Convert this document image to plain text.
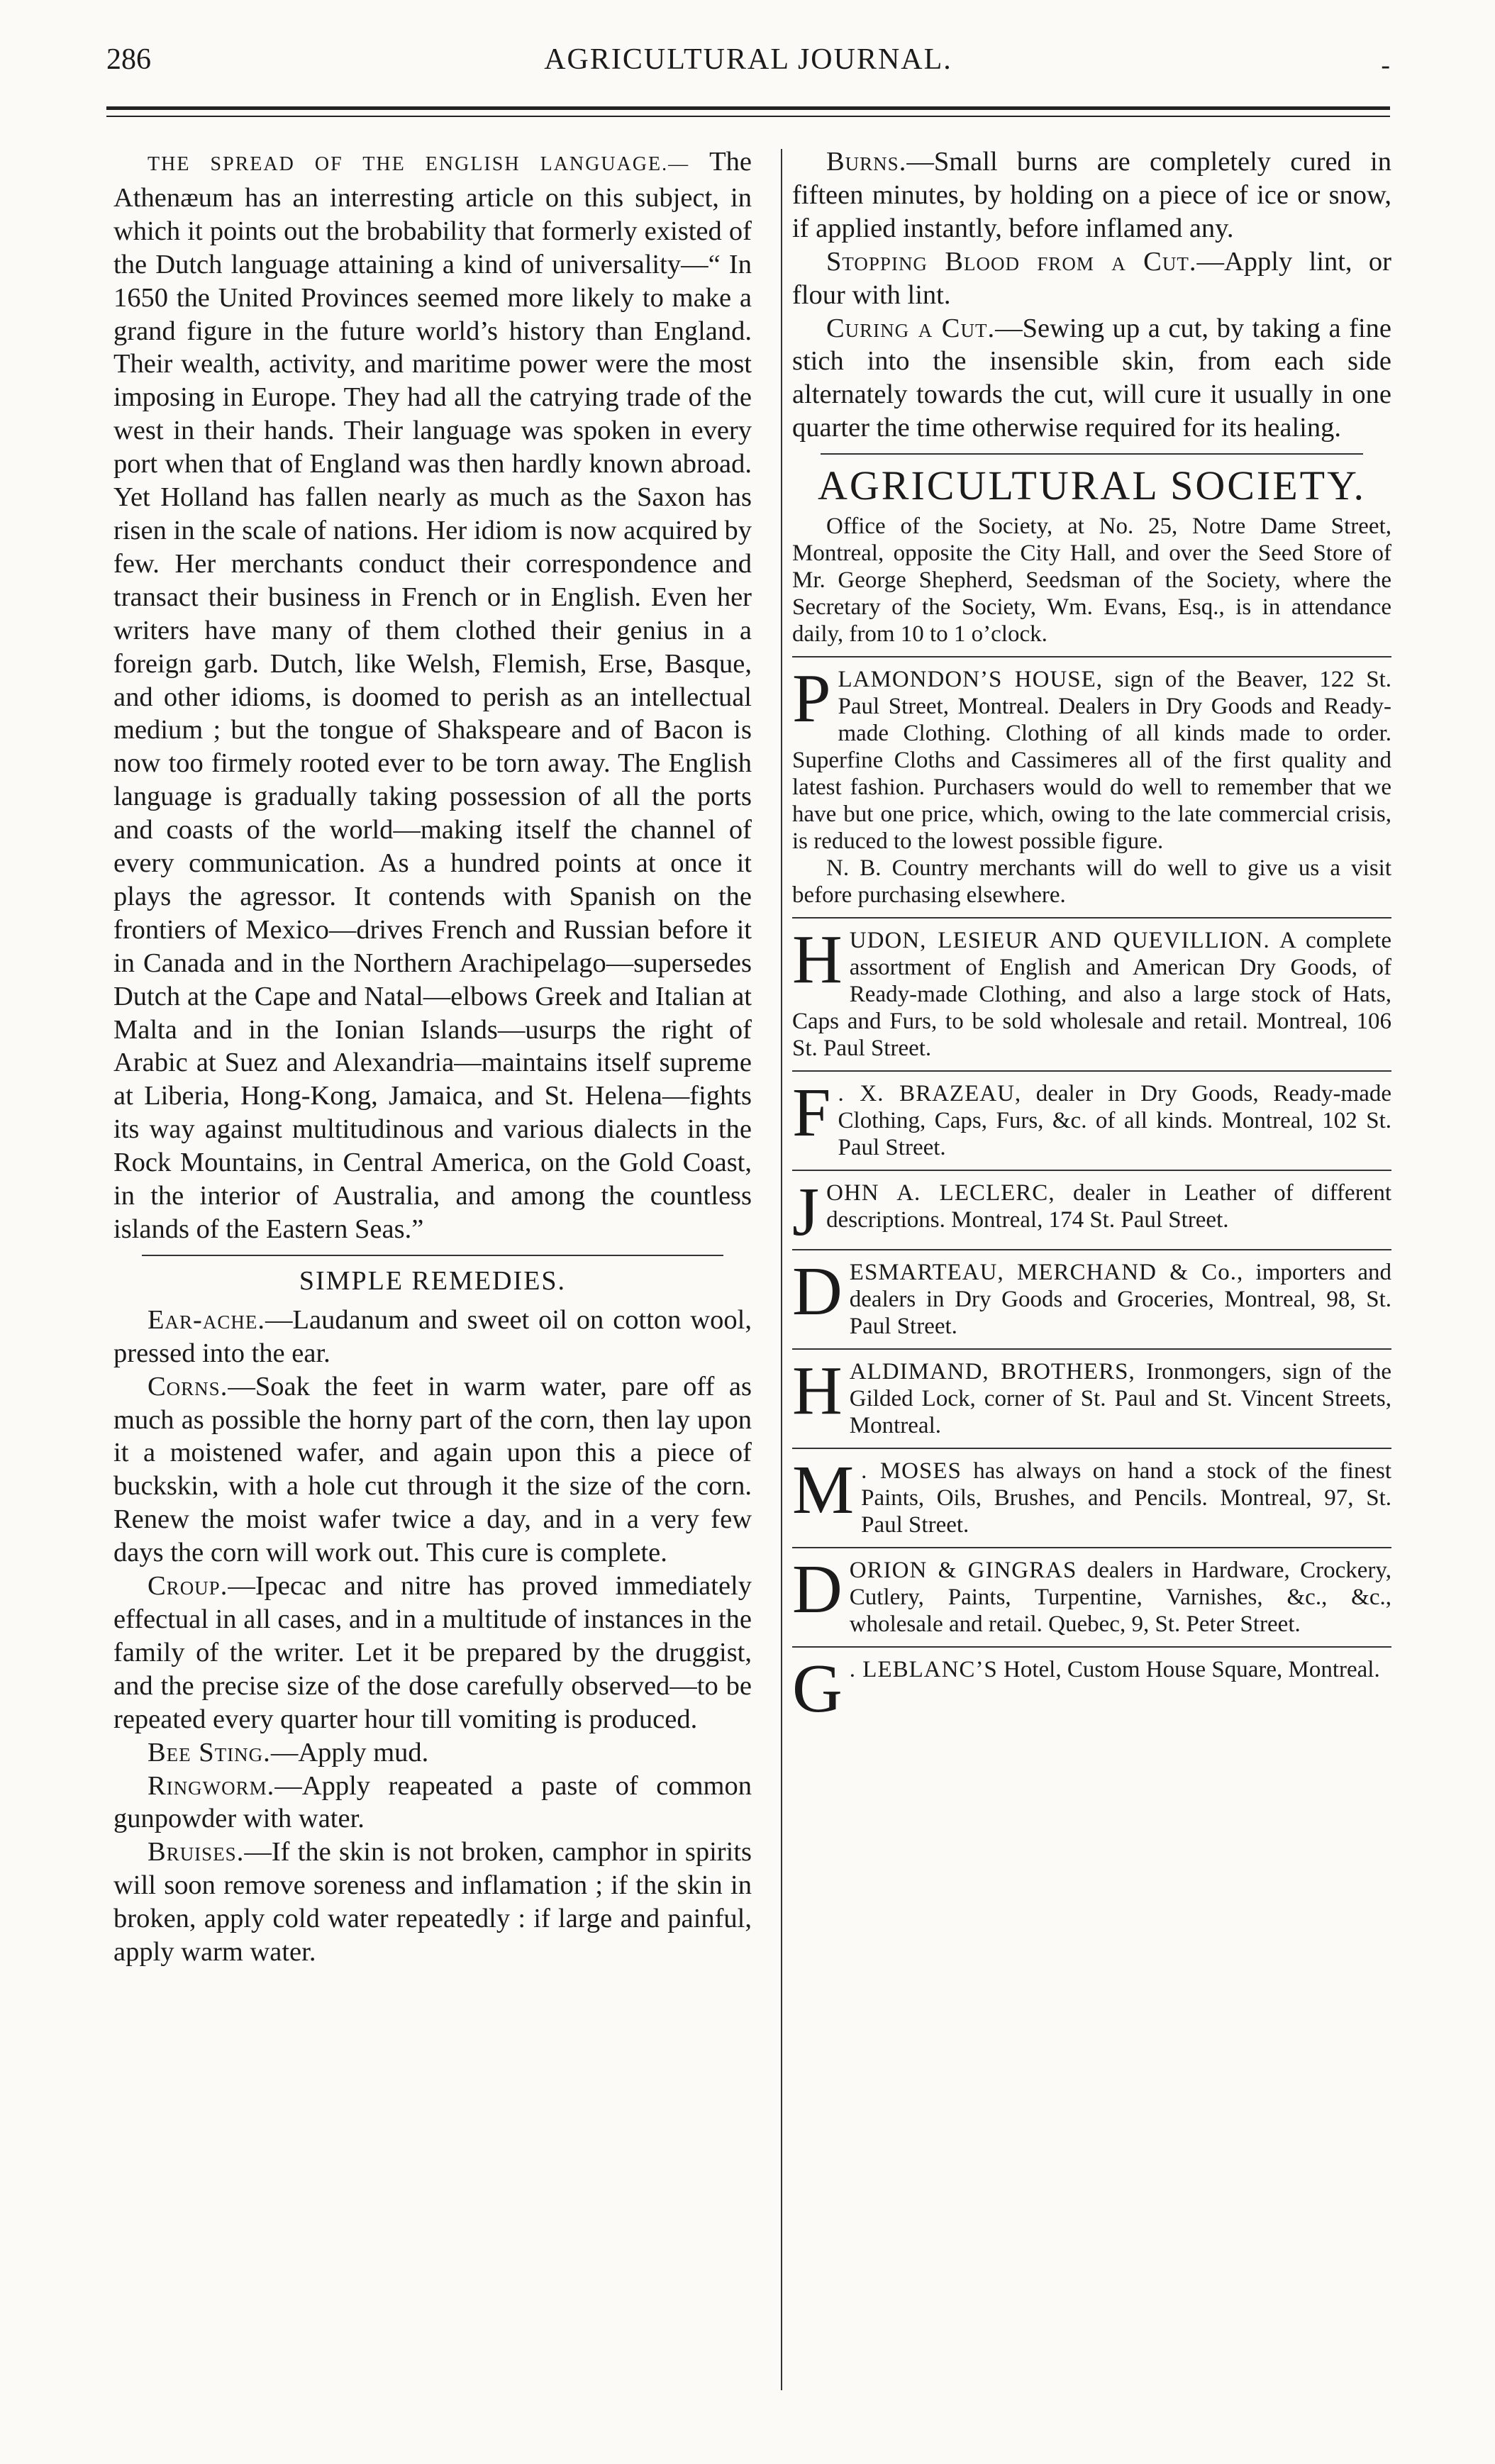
286	AGRICULTURAL JOURNAL.	-

THE SPREAD OF THE ENGLISH LANGUAGE.— The Athenæum has an interresting article on this subject, in which it points out the brobability that formerly existed of the Dutch language attaining a kind of universality—“ In 1650 the United Provinces seemed more likely to make a grand figure in the future world’s history than England. Their wealth, activity, and maritime power were the most imposing in Europe. They had all the catrying trade of the west in their hands. Their language was spoken in every port when that of England was then hardly known abroad. Yet Holland has fallen nearly as much as the Saxon has risen in the scale of nations. Her idiom is now acquired by few. Her merchants conduct their correspondence and transact their business in French or in English. Even her writers have many of them clothed their genius in a foreign garb. Dutch, like Welsh, Flemish, Erse, Basque, and other idioms, is doomed to perish as an intellectual medium ; but the tongue of Shakspeare and of Bacon is now too firmely rooted ever to be torn away. The English language is gradually taking possession of all the ports and coasts of the world—making itself the channel of every communication. As a hundred points at once it plays the agressor. It contends with Spanish on the frontiers of Mexico—drives French and Russian before it in Canada and in the Northern Arachipelago—supersedes Dutch at the Cape and Natal—elbows Greek and Italian at Malta and in the Ionian Islands—usurps the right of Arabic at Suez and Alexandria—maintains itself supreme at Liberia, Hong-Kong, Jamaica, and St. Helena—fights its way against multitudinous and various dialects in the Rock Mountains, in Central America, on the Gold Coast, in the interior of Australia, and among the countless islands of the Eastern Seas.”

SIMPLE REMEDIES.

Ear-ache.—Laudanum and sweet oil on cotton wool, pressed into the ear.

Corns.—Soak the feet in warm water, pare off as much as possible the horny part of the corn, then lay upon it a moistened wafer, and again upon this a piece of buckskin, with a hole cut through it the size of the corn. Renew the moist wafer twice a day, and in a very few days the corn will work out. This cure is complete.

Croup.—Ipecac and nitre has proved immediately effectual in all cases, and in a multitude of instances in the family of the writer. Let it be prepared by the druggist, and the precise size of the dose carefully observed—to be repeated every quarter hour till vomiting is produced.

Bee Sting.—Apply mud.

Ringworm.—Apply reapeated a paste of common gunpowder with water.

Bruises.—If the skin is not broken, camphor in spirits will soon remove soreness and inflamation ; if the skin in broken, apply cold water repeatedly : if large and painful, apply warm water.

Burns.—Small burns are completely cured in fifteen minutes, by holding on a piece of ice or snow, if applied instantly, before inflamed any.

Stopping Blood from a Cut.—Apply lint, or flour with lint.

Curing a Cut.—Sewing up a cut, by taking a fine stich into the insensible skin, from each side alternately towards the cut, will cure it usually in one quarter the time otherwise required for its healing.

AGRICULTURAL SOCIETY.

Office of the Society, at No. 25, Notre Dame Street, Montreal, opposite the City Hall, and over the Seed Store of Mr. George Shepherd, Seedsman of the Society, where the Secretary of the Society, Wm. Evans, Esq., is in attendance daily, from 10 to 1 o’clock.

P LAMONDON’S HOUSE, sign of the Beaver, 122 St. Paul Street, Montreal. Dealers in Dry Goods and Ready-made Clothing. Clothing of all kinds made to order. Superfine Cloths and Cassimeres all of the first quality and latest fashion. Purchasers would do well to remember that we have but one price, which, owing to the late commercial crisis, is reduced to the lowest possible figure.

N. B. Country merchants will do well to give us a visit before purchasing elsewhere.

H UDON, LESIEUR AND QUEVILLION. A complete assortment of English and American Dry Goods, of Ready-made Clothing, and also a large stock of Hats, Caps and Furs, to be sold wholesale and retail. Montreal, 106 St. Paul Street.

F . X. BRAZEAU, dealer in Dry Goods, Ready-made Clothing, Caps, Furs, &c. of all kinds. Montreal, 102 St. Paul Street.

J OHN A. LECLERC, dealer in Leather of different descriptions. Montreal, 174 St. Paul Street.

D ESMARTEAU, MERCHAND & Co., importers and dealers in Dry Goods and Groceries, Montreal, 98, St. Paul Street.

H ALDIMAND, BROTHERS, Ironmongers, sign of the Gilded Lock, corner of St. Paul and St. Vincent Streets, Montreal.

M . MOSES has always on hand a stock of the finest Paints, Oils, Brushes, and Pencils. Montreal, 97, St. Paul Street.

D ORION & GINGRAS dealers in Hardware, Crockery, Cutlery, Paints, Turpentine, Varnishes, &c., &c., wholesale and retail. Quebec, 9, St. Peter Street.

G . LEBLANC’S Hotel, Custom House Square, Montreal.
